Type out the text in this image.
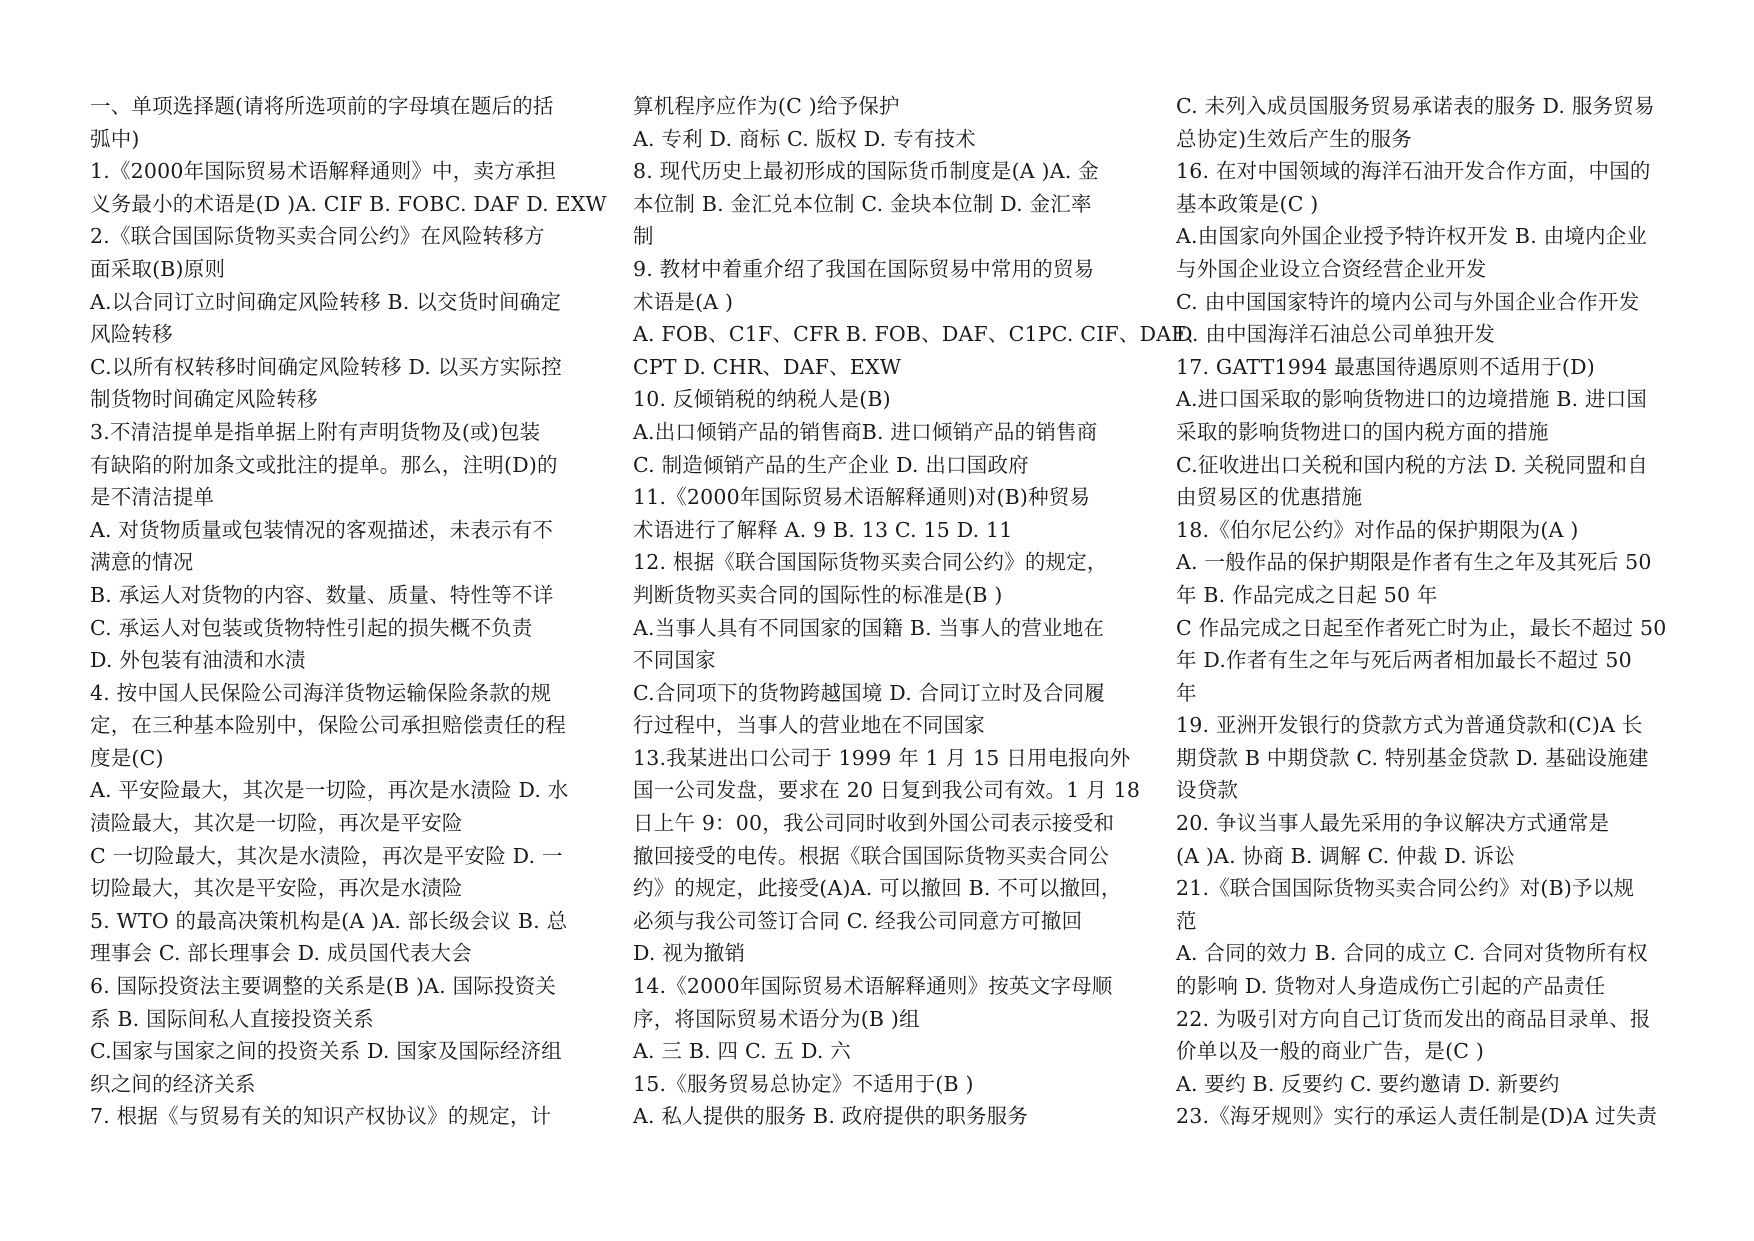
一、单项选择题(请将所选项前的字母填在题后的括
弧中)
1.《2000年国际贸易术语解释通则》中，卖方承担
义务最小的术语是(D )A. CIF B. FOBC. DAF D. EXW
2.《联合国国际货物买卖合同公约》在风险转移方
面采取(B)原则
A.以合同订立时间确定风险转移 B. 以交货时间确定
风险转移
C.以所有权转移时间确定风险转移 D. 以买方实际控
制货物时间确定风险转移
3.不清洁提单是指单据上附有声明货物及(或)包装
有缺陷的附加条文或批注的提单。那么，注明(D)的
是不清洁提单
A. 对货物质量或包装情况的客观描述，未表示有不
满意的情况
B. 承运人对货物的内容、数量、质量、特性等不详
C. 承运人对包装或货物特性引起的损失概不负责
D. 外包装有油渍和水渍
4. 按中国人民保险公司海洋货物运输保险条款的规
定，在三种基本险别中，保险公司承担赔偿责任的程
度是(C)
A. 平安险最大，其次是一切险，再次是水渍险 D. 水
渍险最大，其次是一切险，再次是平安险
C 一切险最大，其次是水渍险，再次是平安险 D. 一
切险最大，其次是平安险，再次是水渍险
5. WTO 的最高决策机构是(A )A. 部长级会议 B. 总
理事会 C. 部长理事会 D. 成员国代表大会
6. 国际投资法主要调整的关系是(B )A. 国际投资关
系 B. 国际间私人直接投资关系
C.国家与国家之间的投资关系 D. 国家及国际经济组
织之间的经济关系
7. 根据《与贸易有关的知识产权协议》的规定，计
算机程序应作为(C )给予保护
A. 专利 D. 商标 C. 版权 D. 专有技术
8. 现代历史上最初形成的国际货币制度是(A )A. 金
本位制 B. 金汇兑本位制 C. 金块本位制 D. 金汇率
制
9. 教材中着重介绍了我国在国际贸易中常用的贸易
术语是(A )
A. FOB、C1F、CFR B. FOB、DAF、C1PC. CIF、DAF、
CPT D. CHR、DAF、EXW
10. 反倾销税的纳税人是(B)
A.出口倾销产品的销售商B. 进口倾销产品的销售商
C. 制造倾销产品的生产企业 D. 出口国政府
11.《2000年国际贸易术语解释通则)对(B)种贸易
术语进行了解释 A. 9 B. 13 C. 15 D. 11
12. 根据《联合国国际货物买卖合同公约》的规定，
判断货物买卖合同的国际性的标准是(B )
A.当事人具有不同国家的国籍 B. 当事人的营业地在
不同国家
C.合同项下的货物跨越国境 D. 合同订立时及合同履
行过程中，当事人的营业地在不同国家
13.我某进出口公司于 1999 年 1 月 15 日用电报向外
国一公司发盘，要求在 20 日复到我公司有效。1 月 18
日上午 9：00，我公司同时收到外国公司表示接受和
撤回接受的电传。根据《联合国国际货物买卖合同公
约》的规定，此接受(A)A. 可以撤回 B. 不可以撤回，
必须与我公司签订合同 C. 经我公司同意方可撤回
D. 视为撤销
14.《2000年国际贸易术语解释通则》按英文字母顺
序，将国际贸易术语分为(B )组
A. 三 B. 四 C. 五 D. 六
15.《服务贸易总协定》不适用于(B )
A. 私人提供的服务 B. 政府提供的职务服务
C. 未列入成员国服务贸易承诺表的服务 D. 服务贸易
总协定)生效后产生的服务
16. 在对中国领域的海洋石油开发合作方面，中国的
基本政策是(C )
A.由国家向外国企业授予特许权开发 B. 由境内企业
与外国企业设立合资经营企业开发
C. 由中国国家特许的境内公司与外国企业合作开发
D. 由中国海洋石油总公司单独开发
17. GATT1994 最惠国待遇原则不适用于(D)
A.进口国采取的影响货物进口的边境措施 B. 进口国
采取的影响货物进口的国内税方面的措施
C.征收进出口关税和国内税的方法 D. 关税同盟和自
由贸易区的优惠措施
18.《伯尔尼公约》对作品的保护期限为(A )
A. 一般作品的保护期限是作者有生之年及其死后 50
年 B. 作品完成之日起 50 年
C 作品完成之日起至作者死亡时为止，最长不超过 50
年 D.作者有生之年与死后两者相加最长不超过 50
年
19. 亚洲开发银行的贷款方式为普通贷款和(C)A 长
期贷款 B 中期贷款 C. 特别基金贷款 D. 基础设施建
设贷款
20. 争议当事人最先采用的争议解决方式通常是
(A )A. 协商 B. 调解 C. 仲裁 D. 诉讼
21.《联合国国际货物买卖合同公约》对(B)予以规
范
A. 合同的效力 B. 合同的成立 C. 合同对货物所有权
的影响 D. 货物对人身造成伤亡引起的产品责任
22. 为吸引对方向自己订货而发出的商品目录单、报
价单以及一般的商业广告，是(C )
A. 要约 B. 反要约 C. 要约邀请 D. 新要约
23.《海牙规则》实行的承运人责任制是(D)A 过失责
